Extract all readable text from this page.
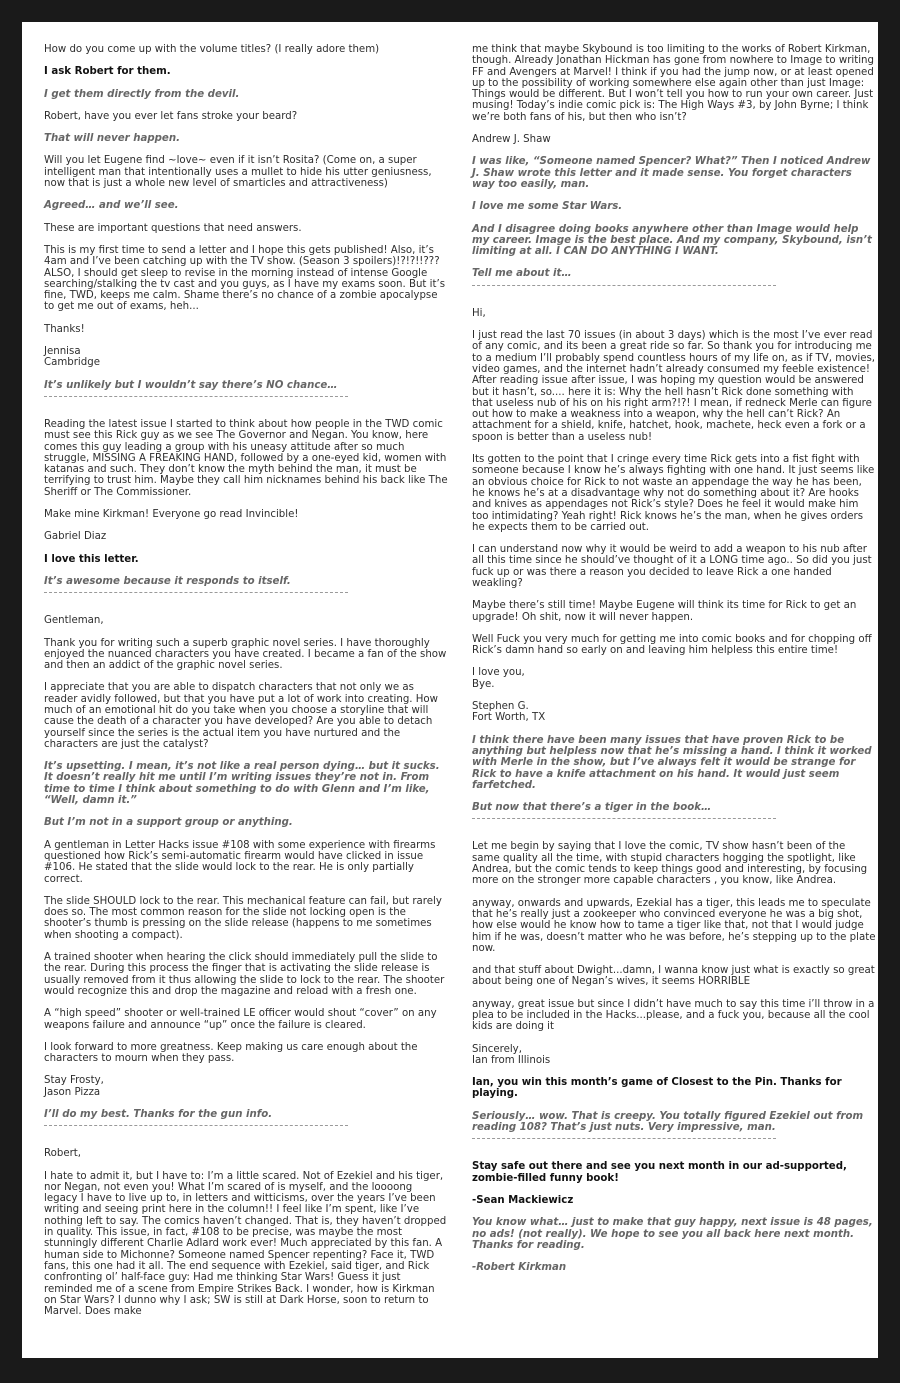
How do you come up with the volume titles? (I really adore them)

I ask Robert for them.

I get them directly from the devil.

Robert, have you ever let fans stroke your beard?

That will never happen.

Will you let Eugene find ~love~ even if it isn’t Rosita? (Come on, a super intelligent man that intentionally uses a mullet to hide his utter geniusness, now that is just a whole new level of smarticles and attractiveness)

Agreed… and we’ll see.

These are important questions that need answers.

This is my first time to send a letter and I hope this gets published! Also, it’s 4am and I’ve been catching up with the TV show. (Season 3 spoilers)!?!?!!??? ALSO, I should get sleep to revise in the morning instead of intense Google searching/stalking the tv cast and you guys, as I have my exams soon. But it’s fine, TWD, keeps me calm. Shame there’s no chance of a zombie apocalypse to get me out of exams, heh...

Thanks!

Jennisa
Cambridge

It’s unlikely but I wouldn’t say there’s NO chance…

Reading the latest issue I started to think about how people in the TWD comic must see this Rick guy as we see The Governor and Negan. You know, here comes this guy leading a group with his uneasy attitude after so much struggle, MISSING A FREAKING HAND, followed by a one-eyed kid, women with katanas and such. They don’t know the myth behind the man, it must be terrifying to trust him. Maybe they call him nicknames behind his back like The Sheriff or The Commissioner.

Make mine Kirkman! Everyone go read Invincible!

Gabriel Diaz

I love this letter.

It’s awesome because it responds to itself.

Gentleman,

Thank you for writing such a superb graphic novel series. I have thoroughly enjoyed the nuanced characters you have created. I became a fan of the show and then an addict of the graphic novel series.

I appreciate that you are able to dispatch characters that not only we as reader avidly followed, but that you have put a lot of work into creating. How much of an emotional hit do you take when you choose a storyline that will cause the death of a character you have developed? Are you able to detach yourself since the series is the actual item you have nurtured and the characters are just the catalyst?

It’s upsetting. I mean, it’s not like a real person dying… but it sucks. It doesn’t really hit me until I’m writing issues they’re not in. From time to time I think about something to do with Glenn and I’m like, “Well, damn it.”

But I’m not in a support group or anything.

A gentleman in Letter Hacks issue #108 with some experience with firearms questioned how Rick’s semi-automatic firearm would have clicked in issue #106. He stated that the slide would lock to the rear. He is only partially correct.

The slide SHOULD lock to the rear. This mechanical feature can fail, but rarely does so. The most common reason for the slide not locking open is the shooter’s thumb is pressing on the slide release (happens to me sometimes when shooting a compact).

A trained shooter when hearing the click should immediately pull the slide to the rear. During this process the finger that is activating the slide release is usually removed from it thus allowing the slide to lock to the rear. The shooter would recognize this and drop the magazine and reload with a fresh one.

A “high speed” shooter or well-trained LE officer would shout “cover” on any weapons failure and announce “up” once the failure is cleared.

I look forward to more greatness. Keep making us care enough about the characters to mourn when they pass.

Stay Frosty,
Jason Pizza

I’ll do my best. Thanks for the gun info.

Robert,

I hate to admit it, but I have to: I’m a little scared. Not of Ezekiel and his tiger, nor Negan, not even you! What I’m scared of is myself, and the loooong legacy I have to live up to, in letters and witticisms, over the years I’ve been writing and seeing print here in the column!! I feel like I’m spent, like I’ve nothing left to say. The comics haven’t changed. That is, they haven’t dropped in quality. This issue, in fact, #108 to be precise, was maybe the most stunningly different Charlie Adlard work ever! Much appreciated by this fan. A human side to Michonne? Someone named Spencer repenting? Face it, TWD fans, this one had it all. The end sequence with Ezekiel, said tiger, and Rick confronting ol’ half-face guy: Had me thinking Star Wars! Guess it just reminded me of a scene from Empire Strikes Back. I wonder, how is Kirkman on Star Wars? I dunno why I ask; SW is still at Dark Horse, soon to return to Marvel. Does make

me think that maybe Skybound is too limiting to the works of Robert Kirkman, though. Already Jonathan Hickman has gone from nowhere to Image to writing FF and Avengers at Marvel! I think if you had the jump now, or at least opened up to the possibility of working somewhere else again other than just Image: Things would be different. But I won’t tell you how to run your own career. Just musing! Today’s indie comic pick is: The High Ways #3, by John Byrne; I think we’re both fans of his, but then who isn’t?

Andrew J. Shaw

I was like, “Someone named Spencer? What?” Then I noticed Andrew J. Shaw wrote this letter and it made sense. You forget characters way too easily, man.

I love me some Star Wars.

And I disagree doing books anywhere other than Image would help my career. Image is the best place. And my company, Skybound, isn’t limiting at all. I CAN DO ANYTHING I WANT.

Tell me about it…

Hi,

I just read the last 70 issues (in about 3 days) which is the most I’ve ever read of any comic, and its been a great ride so far. So thank you for introducing me to a medium I’ll probably spend countless hours of my life on, as if TV, movies, video games, and the internet hadn’t already consumed my feeble existence! After reading issue after issue, I was hoping my question would be answered but it hasn’t, so.... here it is: Why the hell hasn’t Rick done something with that useless nub of his on his right arm?!?! I mean, if redneck Merle can figure out how to make a weakness into a weapon, why the hell can’t Rick? An attachment for a shield, knife, hatchet, hook, machete, heck even a fork or a spoon is better than a useless nub!

Its gotten to the point that I cringe every time Rick gets into a fist fight with someone because I know he’s always fighting with one hand. It just seems like an obvious choice for Rick to not waste an appendage the way he has been, he knows he’s at a disadvantage why not do something about it? Are hooks and knives as appendages not Rick’s style? Does he feel it would make him too intimidating? Yeah right! Rick knows he’s the man, when he gives orders he expects them to be carried out.

I can understand now why it would be weird to add a weapon to his nub after all this time since he should’ve thought of it a LONG time ago.. So did you just fuck up or was there a reason you decided to leave Rick a one handed weakling?

Maybe there’s still time! Maybe Eugene will think its time for Rick to get an upgrade! Oh shit, now it will never happen.

Well Fuck you very much for getting me into comic books and for chopping off Rick’s damn hand so early on and leaving him helpless this entire time!

I love you,
Bye.

Stephen G.
Fort Worth, TX

I think there have been many issues that have proven Rick to be anything but helpless now that he’s missing a hand. I think it worked with Merle in the show, but I’ve always felt it would be strange for Rick to have a knife attachment on his hand. It would just seem farfetched.

But now that there’s a tiger in the book…

Let me begin by saying that I love the comic, TV show hasn’t been of the same quality all the time, with stupid characters hogging the spotlight, like Andrea, but the comic tends to keep things good and interesting, by focusing more on the stronger more capable characters , you know, like Andrea.

anyway, onwards and upwards, Ezekial has a tiger, this leads me to speculate that he’s really just a zookeeper who convinced everyone he was a big shot, how else would he know how to tame a tiger like that, not that I would judge him if he was, doesn’t matter who he was before, he’s stepping up to the plate now.

and that stuff about Dwight...damn, I wanna know just what is exactly so great about being one of Negan’s wives, it seems HORRIBLE

anyway, great issue but since I didn’t have much to say this time i’ll throw in a plea to be included in the Hacks...please, and a fuck you, because all the cool kids are doing it

Sincerely,
Ian from Illinois

Ian, you win this month’s game of Closest to the Pin. Thanks for playing.

Seriously… wow. That is creepy. You totally figured Ezekiel out from reading 108? That’s just nuts. Very impressive, man.

Stay safe out there and see you next month in our ad-supported, zombie-filled funny book!

-Sean Mackiewicz

You know what… just to make that guy happy, next issue is 48 pages, no ads! (not really). We hope to see you all back here next month. Thanks for reading.

-Robert Kirkman
